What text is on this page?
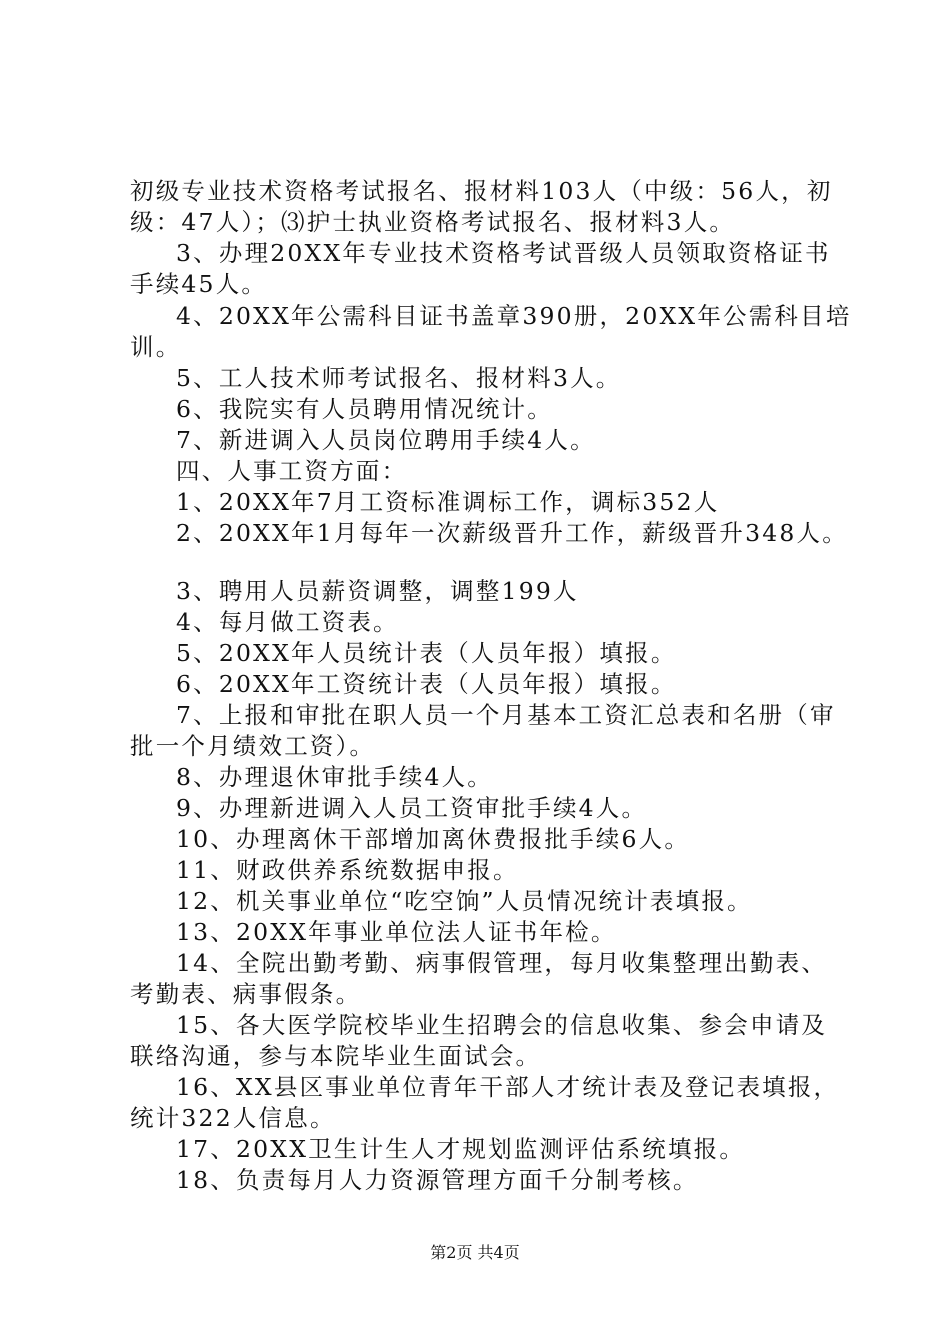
初级专业技术资格考试报名、报材料103人（中级：56人，初
级：47人）；⑶护士执业资格考试报名、报材料3人。
3、办理20XX年专业技术资格考试晋级人员领取资格证书
手续45人。
4、20XX年公需科目证书盖章390册，20XX年公需科目培
训。
5、工人技术师考试报名、报材料3人。
6、我院实有人员聘用情况统计。
7、新进调入人员岗位聘用手续4人。
四、人事工资方面：
1、20XX年7月工资标准调标工作，调标352人
2、20XX年1月每年一次薪级晋升工作，薪级晋升348人。
3、聘用人员薪资调整，调整199人
4、每月做工资表。
5、20XX年人员统计表（人员年报）填报。
6、20XX年工资统计表（人员年报）填报。
7、上报和审批在职人员一个月基本工资汇总表和名册（审
批一个月绩效工资）。
8、办理退休审批手续4人。
9、办理新进调入人员工资审批手续4人。
10、办理离休干部增加离休费报批手续6人。
11、财政供养系统数据申报。
12、机关事业单位“吃空饷”人员情况统计表填报。
13、20XX年事业单位法人证书年检。
14、全院出勤考勤、病事假管理，每月收集整理出勤表、
考勤表、病事假条。
15、各大医学院校毕业生招聘会的信息收集、参会申请及
联络沟通，参与本院毕业生面试会。
16、XX县区事业单位青年干部人才统计表及登记表填报，
统计322人信息。
17、20XX卫生计生人才规划监测评估系统填报。
18、负责每月人力资源管理方面千分制考核。
第2页 共4页
